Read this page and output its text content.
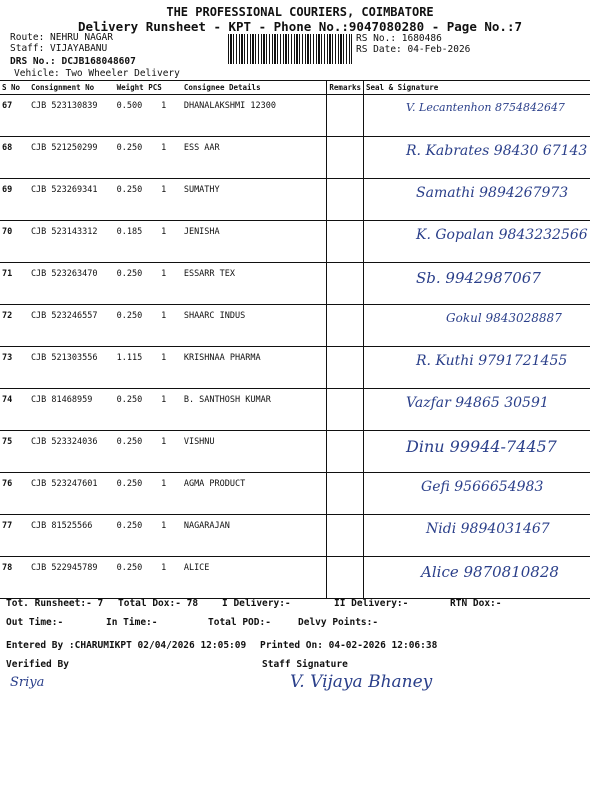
THE PROFESSIONAL COURIERS, COIMBATORE
Delivery Runsheet - KPT - Phone No.:9047080280 - Page No.:7
Route: NEHRU NAGAR
Staff: VIJAYABANU
DRS No.: DCJB168048607
Vehicle: Two Wheeler Delivery
RS No.: 1680486
RS Date: 04-Feb-2026
S No	Consignment No	Weight PCS		Consignee Details	Remarks	Seal & Signature
67	CJB 523130839	0.500	1	DHANALAKSHMI 12300		V. Lecantenhon 8754842647
68	CJB 521250299	0.250	1	ESS AAR		R. Kabrates 98430 67143
69	CJB 523269341	0.250	1	SUMATHY		Samathi 9894267973
70	CJB 523143312	0.185	1	JENISHA		K. Gopalan 9843232566
71	CJB 523263470	0.250	1	ESSARR TEX		Sb. 9942987067
72	CJB 523246557	0.250	1	SHAARC INDUS		Gokul 9843028887
73	CJB 521303556	1.115	1	KRISHNAA PHARMA		R. Kuthi 9791721455
74	CJB 81468959	0.250	1	B. SANTHOSH KUMAR		Vazfar 94865 30591
75	CJB 523324036	0.250	1	VISHNU		Dinu 99944-74457
76	CJB 523247601	0.250	1	AGMA PRODUCT		Gefi 9566654983
77	CJB 81525566	0.250	1	NAGARAJAN		Nidi 9894031467
78	CJB 522945789	0.250	1	ALICE		Alice 9870810828
Tot. Runsheet:- 7 Total Dox:- 78	I Delivery:-	II Delivery:-	RTN Dox:-
Out Time:-	In Time:-	Total POD:-	Delvy Points:-
Entered By :CHARUMIKPT 02/04/2026 12:05:09 Printed On: 04-02-2026 12:06:38
Verified By	Staff Signature
Sriya	V. Vijaya Bhaney
